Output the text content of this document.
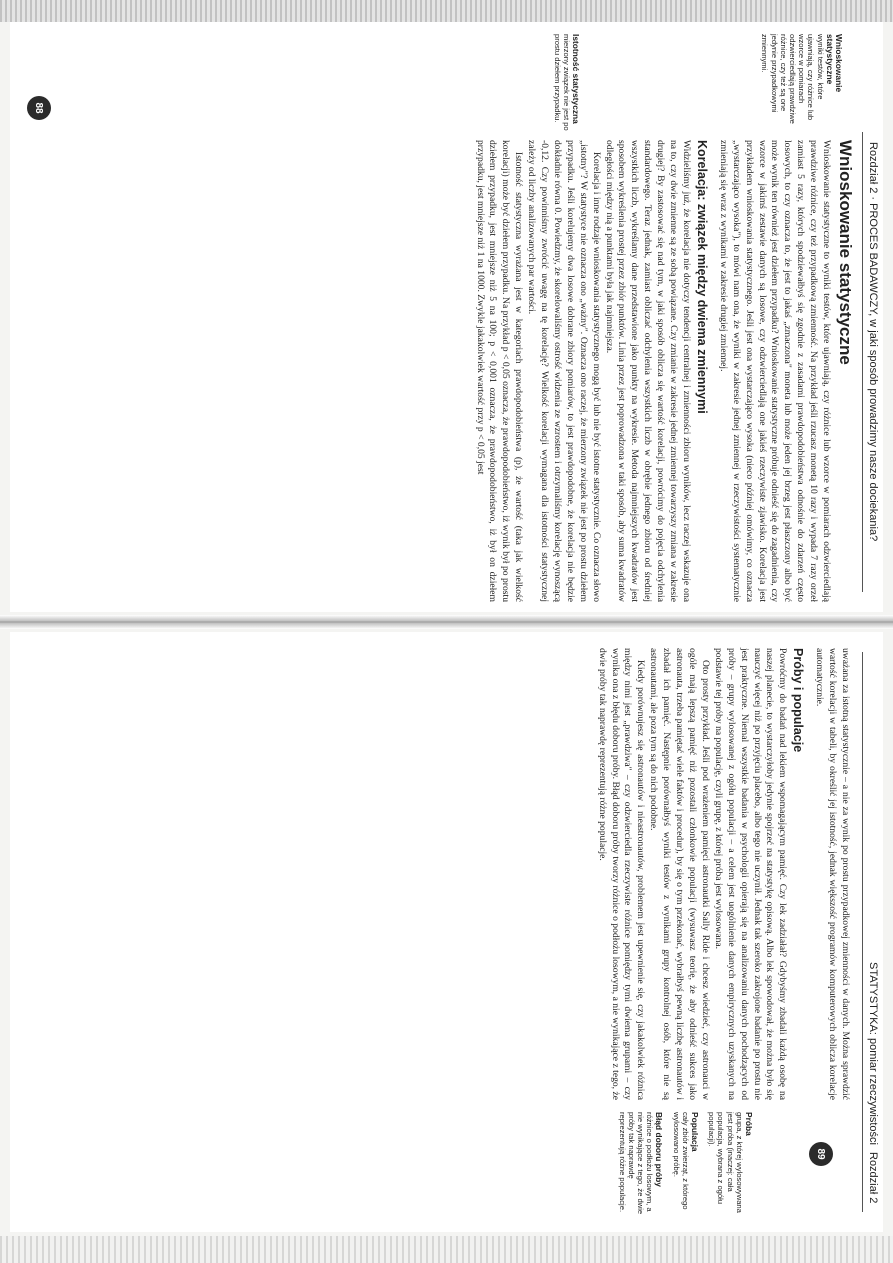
Rozdział 2 · PROCES BADAWCZY, w jaki sposób prowadzimy nasze dociekania?
Wnioskowanie statystyczne
wyniki testów, które ujawniają, czy różnice lub wzorce w pomiarach odzwierciedlają prawdziwe różnice, czy też są one jedynie przypadkowymi zmiennymi.
Istotność statystyczna
mierzony związek nie jest po prostu dziełem przypadku.
Wnioskowanie statystyczne

Wnioskowanie statystyczne to wyniki testów, które ujawniają, czy różnice lub wzorce w pomiarach odzwierciedlają prawdziwe różnice, czy też przypadkową zmienność. Na przykład jeśli rzucasz monetą 10 razy i wypada 7 razy orzeł zamiast 5 razy, których spodziewałbyś się zgodnie z zasadami prawdopodobieństwa odnośnie do zdarzeń często losowych, to czy oznacza to, że jest to jakaś „zmaczona" moneta lub może jeden jej brzeg jest płaszczony albo być może wynik ten również jest dziełem przypadku? Wnioskowanie statystyczne próbuje odnieść się do zagadnienia, czy wzorce w jakimś zestawie danych są losowe, czy odzwierciedlają one jakieś rzeczywiste zjawisko. Korelacja jest przykładem wnioskowania statystycznego. Jeśli jest ona wystarczająco wysoka (nieco później omówimy, co oznacza „wystarczająco wysoka"), to mówi nam ona, że wyniki w zakresie jednej zmiennej w rzeczywistości systematycznie zmieniają się wraz z wynikami w zakresie drugiej zmiennej.

Korelacja: związek między dwiema zmiennymi

Widzieliśmy już, że korelacja nie dotyczy tendencji centralnej i zmienności zbioru wyników, lecz raczej wskazuje ona na to, czy dwie zmienne są ze sobą powiązane. Czy zmianie w zakresie jednej zmiennej towarzyszy zmiana w zakresie drugiej? By zastosować się nad tym, w jaki sposób oblicza się wartość korelacji, powrócimy do pojęcia odchylenia standardowego. Teraz jednak, zamiast obliczać odchylenia wszystkich liczb w obrębie jednego zbioru od średniej wszystkich liczb, wykreślamy dane przedstawione jako punkty na wykresie. Metoda najmniejszych kwadratów jest sposobem wykreślenia prostej przez zbiór punktów. Linia przez jest poprowadzona w taki sposób, aby suma kwadratów odległości między nią a punktami była jak najmniejsza.

Korelacja i inne rodzaje wnioskowania statystycznego mogą być lub nie być istotne statystycznie. Co oznacza słowo „istotny"? W statystyce nie oznacza ono „ważny". Oznacza ono raczej, że mierzony związek nie jest po prostu dziełem przypadku. Jeśli korelujemy dwa losowe dobrane zbiory pomiarów, to jest prawdopodobne, że korelacja nie będzie dokładnie równa 0. Powiedzmy, że skorelowaliśmy ostrość widzenia ze wzrostem i otrzymaliśmy korelację wynoszącą -0,12. Czy powinniśmy zwrócić uwagę na tę korelację? Wielkość korelacji wymagana dla istotności statystycznej zależy od liczby analizowanych par wartości.

Istotność statystyczna wyrażana jest w kategoriach prawdopodobieństwa (p), że wartość (taka jak wielkość korelacji) może być dziełem przypadku. Na przykład p < 0,05 oznacza, że prawdopodobieństwo, iż wynik był po prostu dziełem przypadku, jest mniejsze niż 5 na 100; p < 0,001 oznacza, że prawdopodobieństwo, iż był on dziełem przypadku, jest mniejsze niż 1 na 1000. Zwykle jakakolwiek wartość przy p < 0,05 jest

88
STATYSTYKA: pomiar rzeczywistości
Rozdział 2

uważana za istotną statystycznie – a nie za wynik po prostu przypadkowej zmienności w danych. Można sprawdzić wartość korelacji w tabeli, by określić jej istotność, jednak większość programów komputerowych oblicza korelacje automatycznie.

Próby i populacje

Powróćmy do badań nad lekiem wspomagającym pamięć. Czy lek zadziałał? Gdybyśmy zbadali każdą osobę na naszej planecie, to wystarczyłoby jedynie spojrzeć na statystykę opisową. Albo lek spowodował, że można było się nauczyć więcej niż po przyjęciu placebo, albo tego nie uczynił. Jednak tak szeroko zakrojone badanie po prostu nie jest praktyczne. Niemal wszystkie badania w psychologii opierają się na analizowaniu danych pochodzących od próby – grupy wylosowanej z ogółu populacji – a celem jest uogólnienie danych empirycznych uzyskanych na podstawie tej próby na populację, czyli grupę, z której próba jest wylosowana.

Oto prosty przykład. Jeśli pod wrażeniem pamięci astronautki Sally Ride i chcesz wiedzieć, czy astronauci w ogóle mają lepszą pamięć niż pozostali członkowie populacji (wysuwasz teorię, że aby odnieść sukces jako astronauta, trzeba pamiętać wiele faktów i procedur), by się o tym przekonać, wybrałbyś pewną liczbę astronautów i zbadał ich pamięć. Następnie porównałbyś wyniki testów z wynikami grupy kontrolnej osób, które nie są astronautami, ale poza tym są do nich podobne.

Kiedy porównujesz się astronautów i nieastronautów, problemem jest upewnienie się, czy jakakolwiek różnica między nimi jest „prawdziwa" – czy odzwierciedla rzeczywiste różnice pomiędzy tymi dwiema grupami – czy wynika ona z błędu doboru próby. Błąd doboru próby tworzy różnice o podłożu losowym, a nie wynikające z tego, że dwie próby tak naprawdę reprezentują różne populacje.

Próba
grupa, z której wylosowywana jest próba (inaczej: cała populacja, wybrana z ogółu populacji).
Populacja
cały zbiór zwierząt, z którego wylosowano próbę.
Błąd doboru próby
różnice o podłożu losowym, a nie wynikające z tego, że dwie próby tak naprawdę reprezentują różne populacje.	89
